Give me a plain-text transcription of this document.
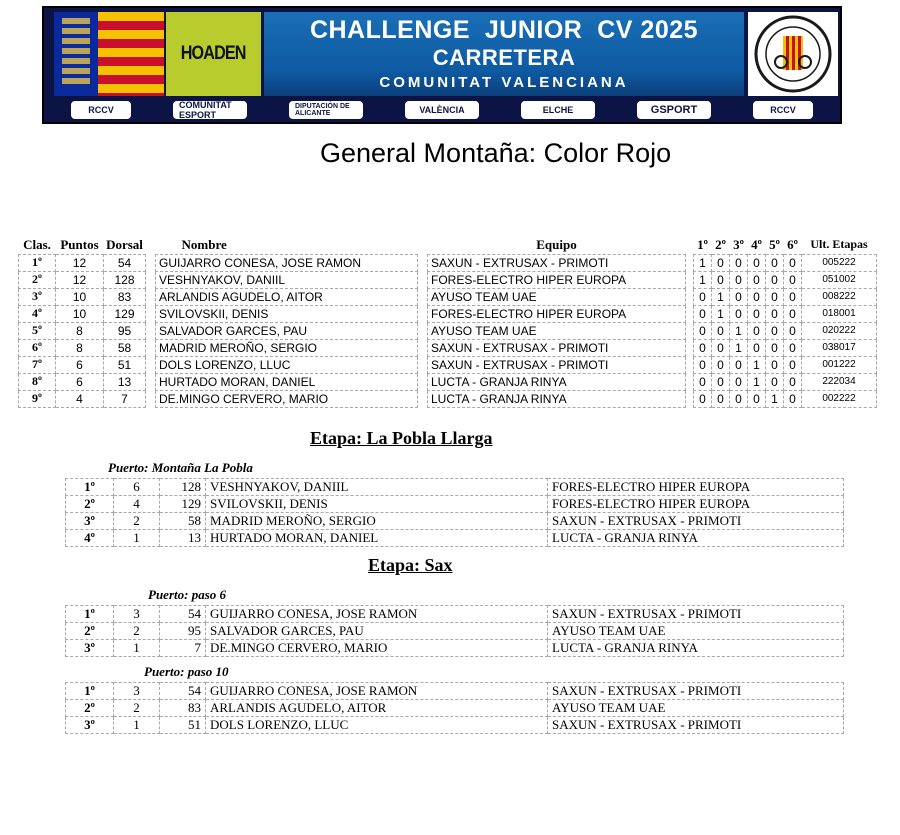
HOADEN
CHALLENGE  JUNIOR  CV 2025
CARRETERA
COMUNITAT VALENCIANA
RCCV	COMUNITAT ESPORT
DIPUTACIÓN DE ALICANTE	VALÈNCIA	ELCHE	GSPORT	RCCV
General Montaña: Color Rojo
Clas.	Puntos	Dorsal		Nombre		Equipo		1º	2º	3º	4º	5º	6º	Ult. Etapas
1º	12	54		GUIJARRO CONESA, JOSE RAMON		SAXUN - EXTRUSAX - PRIMOTI		1	0	0	0	0	0	005222
2º	12	128		VESHNYAKOV, DANIIL		FORES-ELECTRO HIPER EUROPA		1	0	0	0	0	0	051002
3º	10	83		ARLANDIS AGUDELO, AITOR		AYUSO TEAM UAE		0	1	0	0	0	0	008222
4º	10	129		SVILOVSKII, DENIS		FORES-ELECTRO HIPER EUROPA		0	1	0	0	0	0	018001
5º	8	95		SALVADOR GARCES, PAU		AYUSO TEAM UAE		0	0	1	0	0	0	020222
6º	8	58		MADRID MEROÑO, SERGIO		SAXUN - EXTRUSAX - PRIMOTI		0	0	1	0	0	0	038017
7º	6	51		DOLS LORENZO, LLUC		SAXUN - EXTRUSAX - PRIMOTI		0	0	0	1	0	0	001222
8º	6	13		HURTADO MORAN, DANIEL		LUCTA - GRANJA RINYA		0	0	0	1	0	0	222034
9º	4	7		DE.MINGO CERVERO, MARIO		LUCTA - GRANJA RINYA		0	0	0	0	1	0	002222
Etapa: La Pobla Llarga
Puerto: Montaña La Pobla
1º	6	128	VESHNYAKOV, DANIIL	FORES-ELECTRO HIPER EUROPA
2º	4	129	SVILOVSKII, DENIS	FORES-ELECTRO HIPER EUROPA
3º	2	58	MADRID MEROÑO, SERGIO	SAXUN - EXTRUSAX - PRIMOTI
4º	1	13	HURTADO MORAN, DANIEL	LUCTA - GRANJA RINYA
Etapa: Sax
Puerto: paso 6
1º	3	54	GUIJARRO CONESA, JOSE RAMON	SAXUN - EXTRUSAX - PRIMOTI
2º	2	95	SALVADOR GARCES, PAU	AYUSO TEAM UAE
3º	1	7	DE.MINGO CERVERO, MARIO	LUCTA - GRANJA RINYA
Puerto: paso 10
1º	3	54	GUIJARRO CONESA, JOSE RAMON	SAXUN - EXTRUSAX - PRIMOTI
2º	2	83	ARLANDIS AGUDELO, AITOR	AYUSO TEAM UAE
3º	1	51	DOLS LORENZO, LLUC	SAXUN - EXTRUSAX - PRIMOTI
